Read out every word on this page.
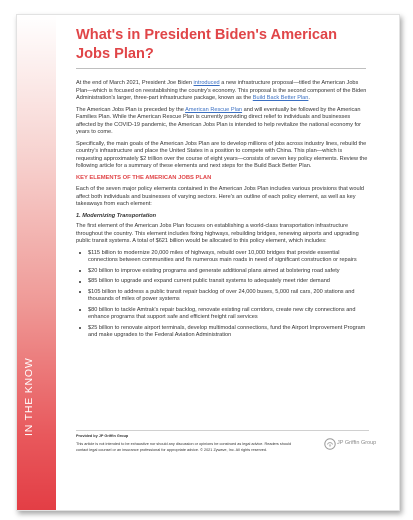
IN THE KNOW
What's in President Biden's American Jobs Plan?

At the end of March 2021, President Joe Biden introduced a new infrastructure proposal—titled the American Jobs Plan—which is focused on reestablishing the country's economy. This proposal is the second component of the Biden Administration's larger, three-part infrastructure package, known as the Build Back Better Plan.

The American Jobs Plan is preceded by the American Rescue Plan and will eventually be followed by the American Families Plan. While the American Rescue Plan is currently providing direct relief to individuals and businesses affected by the COVID-19 pandemic, the American Jobs Plan is intended to help revitalize the national economy for years to come.

Specifically, the main goals of the American Jobs Plan are to develop millions of jobs across industry lines, rebuild the country's infrastructure and place the United States in a position to compete with China. This plan—which is requesting approximately $2 trillion over the course of eight years—consists of seven key policy elements. Review the following article for a summary of these elements and next steps for the Build Back Better Plan.

KEY ELEMENTS OF THE AMERICAN JOBS PLAN

Each of the seven major policy elements contained in the American Jobs Plan includes various provisions that would affect both individuals and businesses of varying sectors. Here's an outline of each policy element, as well as key takeaways from each element:

1. Modernizing Transportation

The first element of the American Jobs Plan focuses on establishing a world-class transportation infrastructure throughout the country. This element includes fixing highways, rebuilding bridges, renewing airports and upgrading public transit systems. A total of $621 billion would be allocated to this policy element, which includes:

$115 billion to modernize 20,000 miles of highways, rebuild over 10,000 bridges that provide essential connections between communities and fix numerous main roads in need of significant construction or repairs
$20 billion to improve existing programs and generate additional plans aimed at bolstering road safety
$85 billion to upgrade and expand current public transit systems to adequately meet rider demand
$105 billion to address a public transit repair backlog of over 24,000 buses, 5,000 rail cars, 200 stations and thousands of miles of power systems
$80 billion to tackle Amtrak's repair backlog, renovate existing rail corridors, create new city connections and enhance programs that support safe and efficient freight rail services
$25 billion to renovate airport terminals, develop multimodal connections, fund the Airport Improvement Program and make upgrades to the Federal Aviation Administration
Provided by JP Griffin Group
This article is not intended to be exhaustive nor should any discussion or opinions be construed as legal advice. Readers should contact legal counsel or an insurance professional for appropriate advice. © 2021 Zywave, Inc. All rights reserved.
JP Griffin Group
